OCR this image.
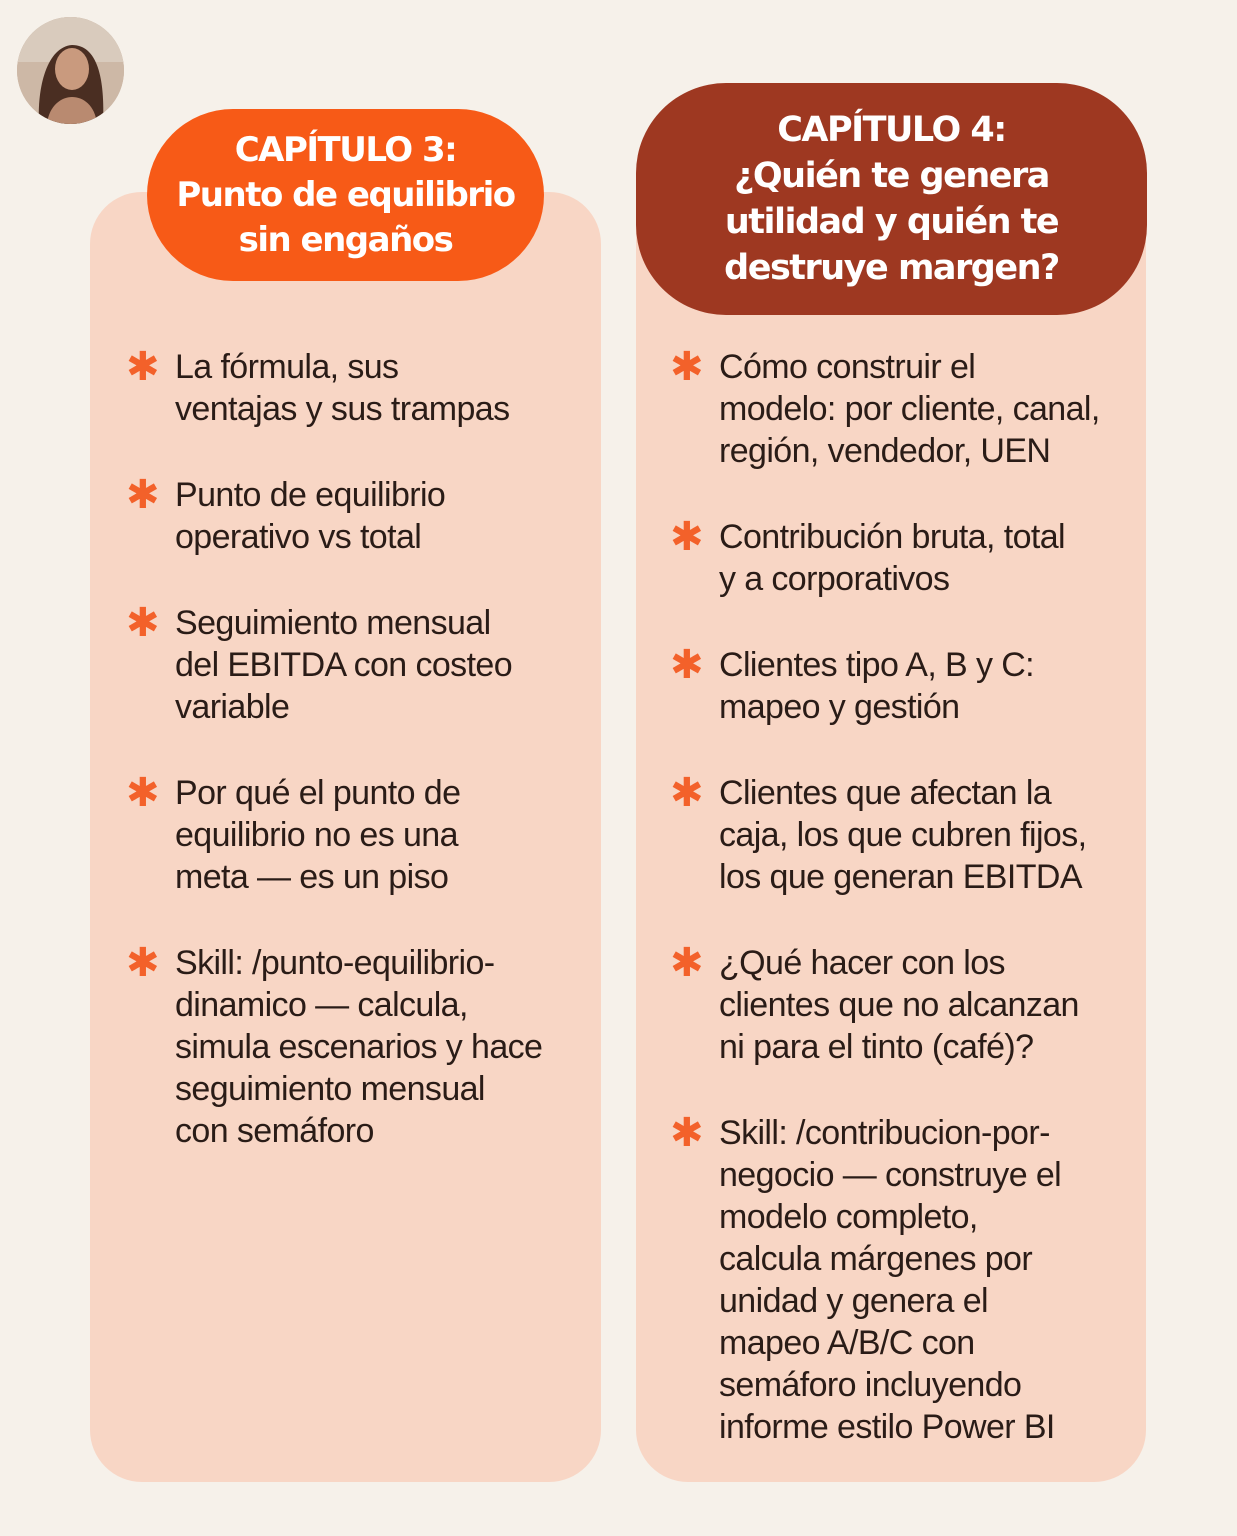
CAPÍTULO 3:
Punto de equilibrio
sin engaños
CAPÍTULO 4:
¿Quién te genera
utilidad y quién te
destruye margen?
✱ La fórmula, sus
ventajas y sus trampas
✱ Punto de equilibrio
operativo vs total
✱ Seguimiento mensual
del EBITDA con costeo
variable
✱ Por qué el punto de
equilibrio no es una
meta — es un piso
✱ Skill: /punto-equilibrio-
dinamico — calcula,
simula escenarios y hace
seguimiento mensual
con semáforo
✱ Cómo construir el
modelo: por cliente, canal,
región, vendedor, UEN
✱ Contribución bruta, total
y a corporativos
✱ Clientes tipo A, B y C:
mapeo y gestión
✱ Clientes que afectan la
caja, los que cubren fijos,
los que generan EBITDA
✱ ¿Qué hacer con los
clientes que no alcanzan
ni para el tinto (café)?
✱ Skill: /contribucion-por-
negocio — construye el
modelo completo,
calcula márgenes por
unidad y genera el
mapeo A/B/C con
semáforo incluyendo
informe estilo Power BI
